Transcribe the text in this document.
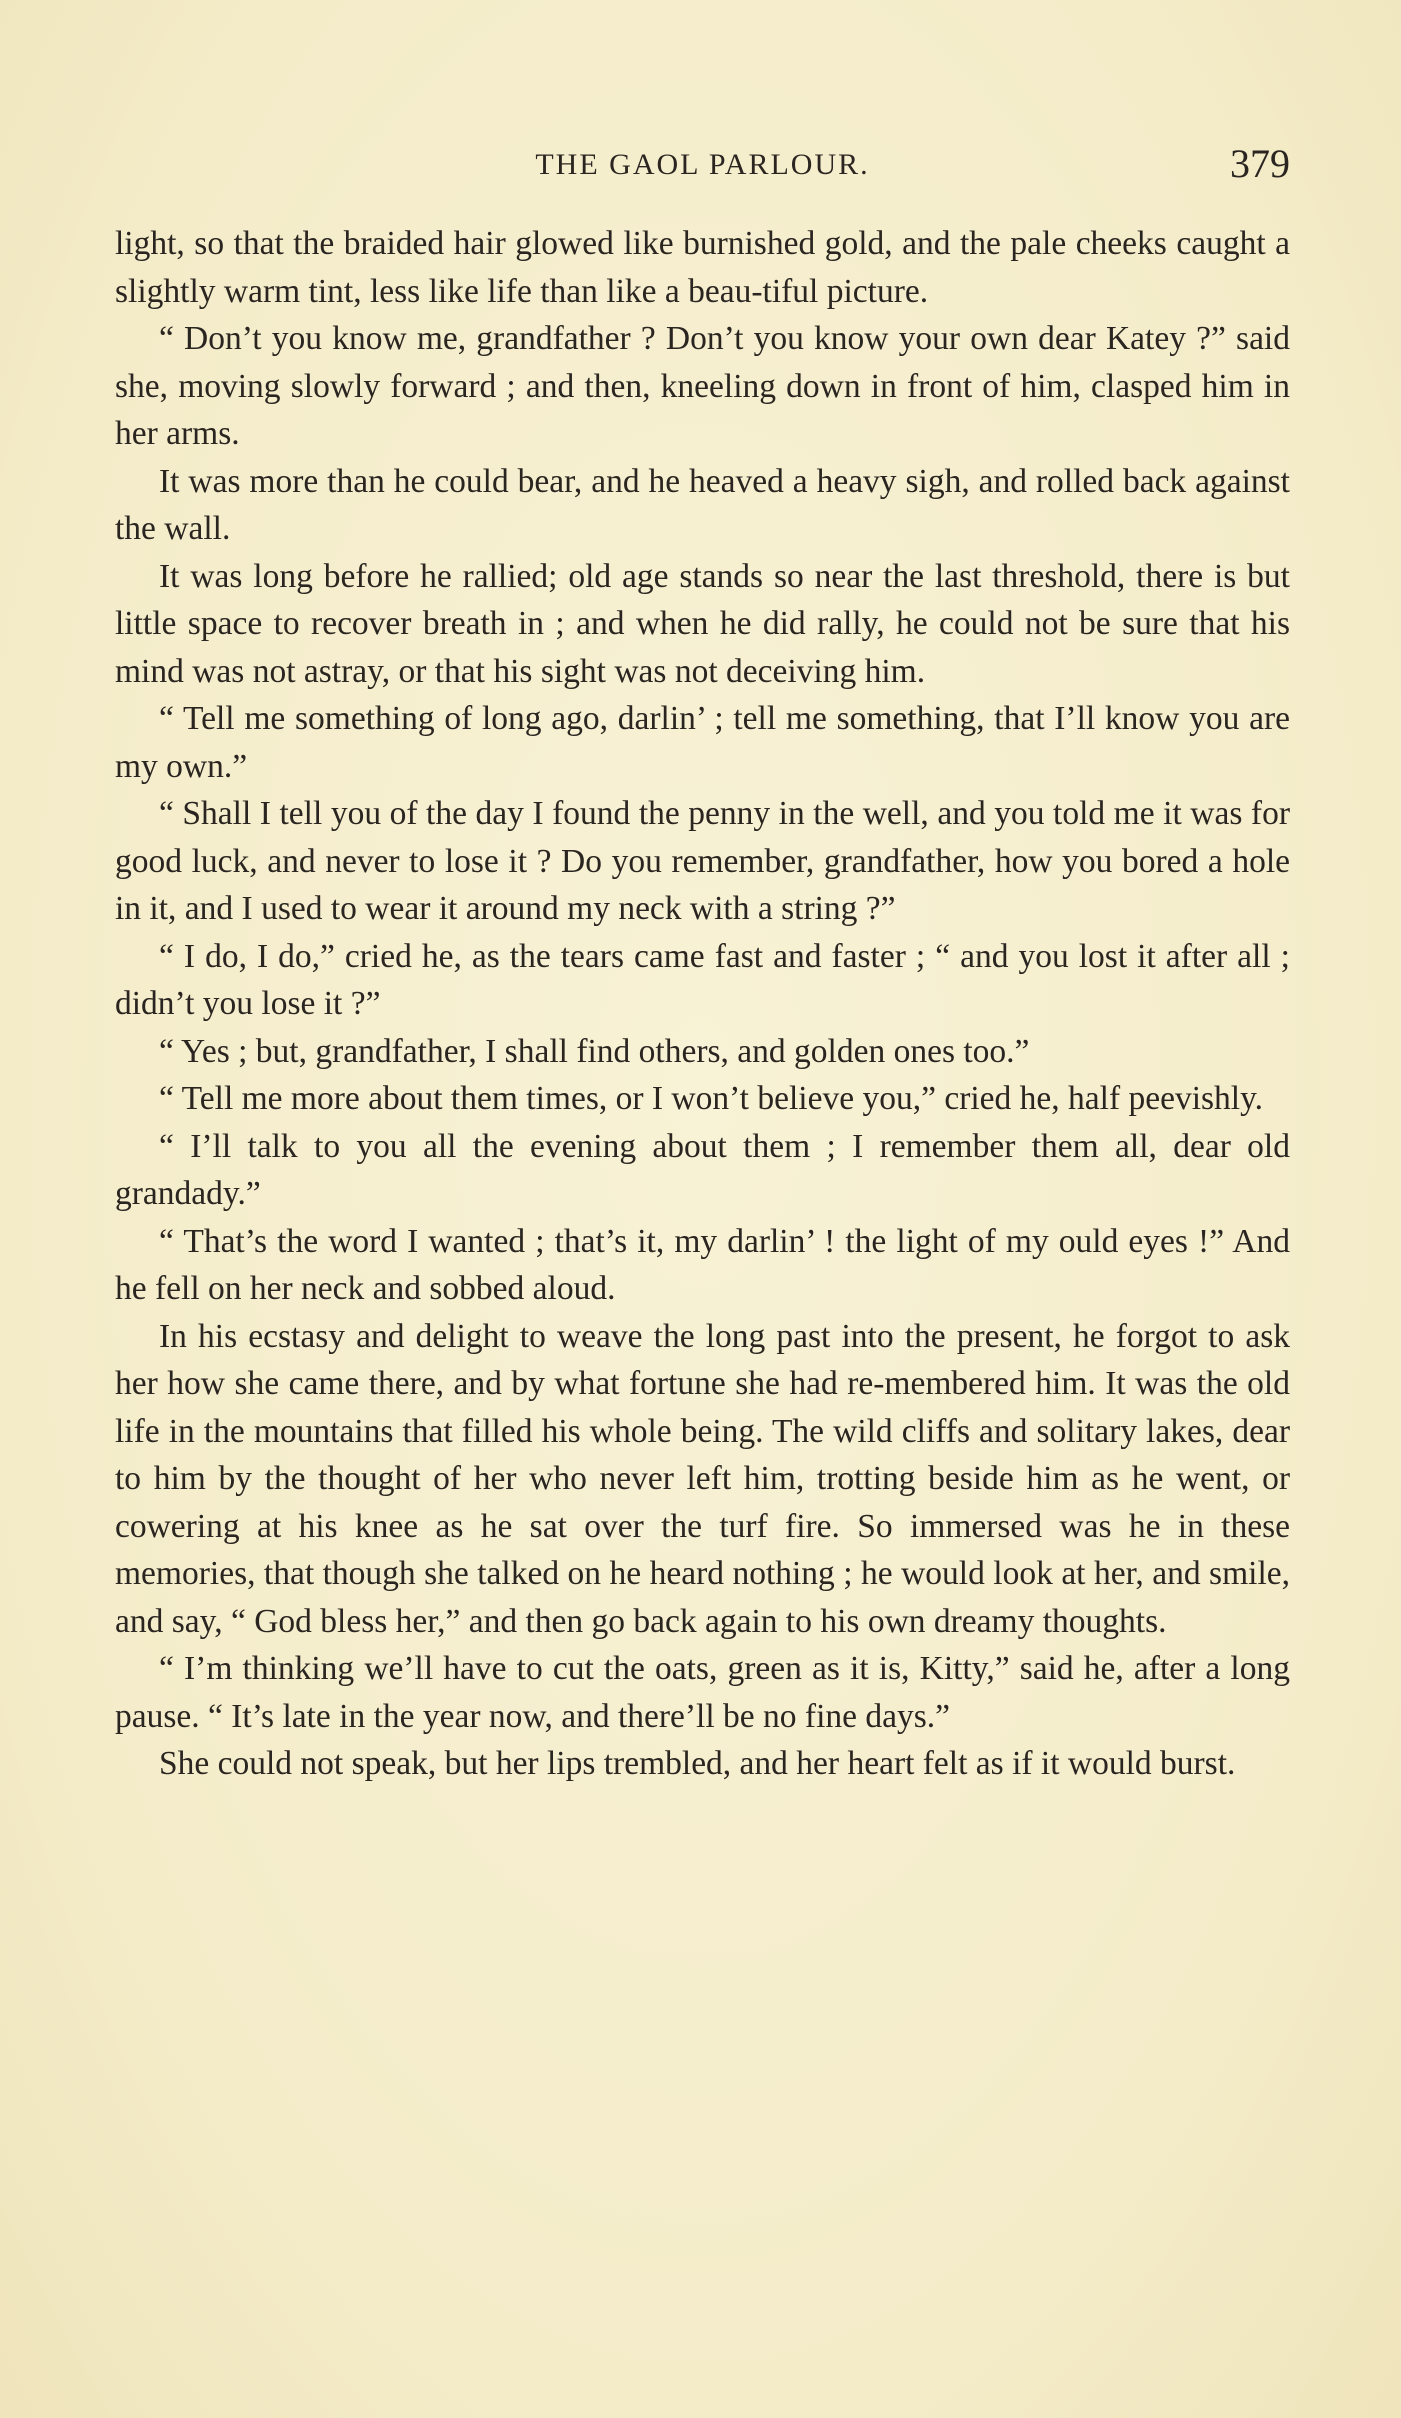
THE GAOL PARLOUR.	379

light, so that the braided hair glowed like burnished gold, and the pale cheeks caught a slightly warm tint, less like life than like a beau-tiful picture.

“ Don’t you know me, grandfather ? Don’t you know your own dear Katey ?” said she, moving slowly forward ; and then, kneeling down in front of him, clasped him in her arms.

It was more than he could bear, and he heaved a heavy sigh, and rolled back against the wall.

It was long before he rallied; old age stands so near the last threshold, there is but little space to recover breath in ; and when he did rally, he could not be sure that his mind was not astray, or that his sight was not deceiving him.

“ Tell me something of long ago, darlin’ ; tell me something, that I’ll know you are my own.”

“ Shall I tell you of the day I found the penny in the well, and you told me it was for good luck, and never to lose it ? Do you remember, grandfather, how you bored a hole in it, and I used to wear it around my neck with a string ?”

“ I do, I do,” cried he, as the tears came fast and faster ; “ and you lost it after all ; didn’t you lose it ?”

“ Yes ; but, grandfather, I shall find others, and golden ones too.”

“ Tell me more about them times, or I won’t believe you,” cried he, half peevishly.

“ I’ll talk to you all the evening about them ; I remember them all, dear old grandady.”

“ That’s the word I wanted ; that’s it, my darlin’ ! the light of my ould eyes !” And he fell on her neck and sobbed aloud.

In his ecstasy and delight to weave the long past into the present, he forgot to ask her how she came there, and by what fortune she had re-membered him. It was the old life in the mountains that filled his whole being. The wild cliffs and solitary lakes, dear to him by the thought of her who never left him, trotting beside him as he went, or cowering at his knee as he sat over the turf fire. So immersed was he in these memories, that though she talked on he heard nothing ; he would look at her, and smile, and say, “ God bless her,” and then go back again to his own dreamy thoughts.

“ I’m thinking we’ll have to cut the oats, green as it is, Kitty,” said he, after a long pause. “ It’s late in the year now, and there’ll be no fine days.”

She could not speak, but her lips trembled, and her heart felt as if it would burst.
